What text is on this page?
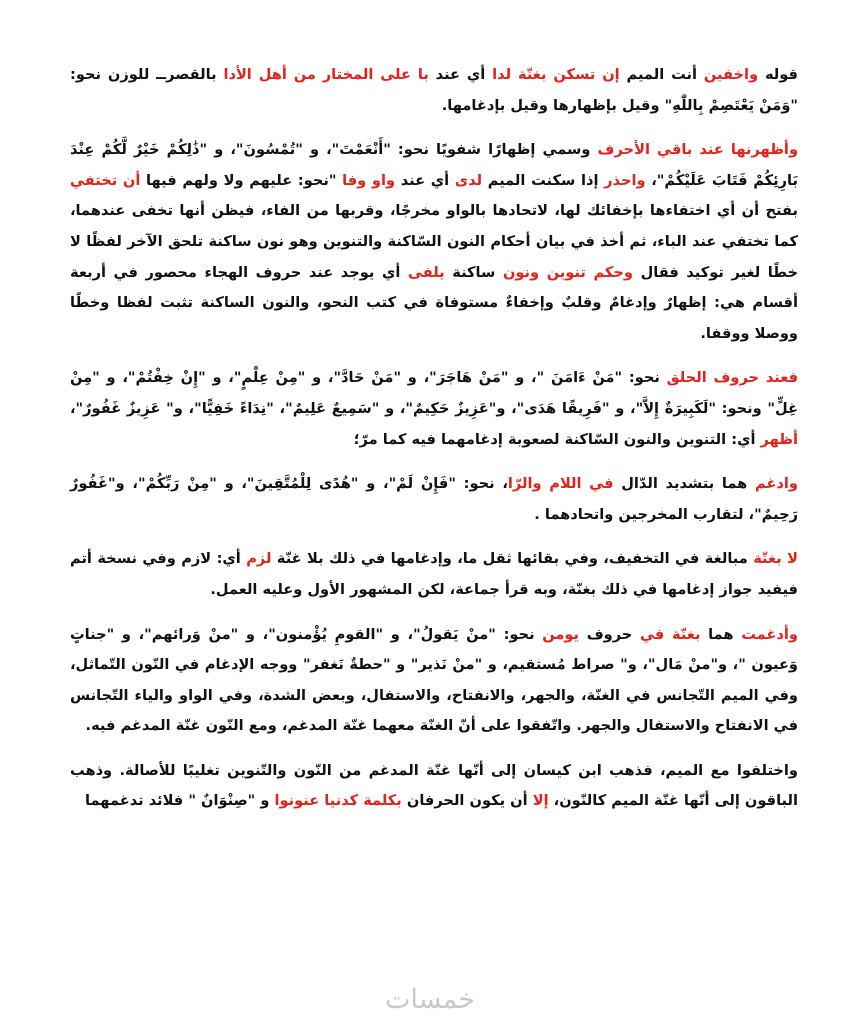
قوله واخفين أنت الميم إن تسكن بغنّة لدا أي عند با على المختار من أهل الأدا بالقصرــ للوزن نحو: "وَمَنْ يَعْتَصِمْ بِاللّٰهِ" وقيل بإظهارها وقيل بإدغامها.

وأظهرنها عند باقي الأحرف وسمي إظهارًا شفويًا نحو: "أَنْعَمْتَ"، و "تُمْسُونَ"، و "ذَٰلِكُمْ خَيْرٌ لَّكُمْ عِنْدَ بَارِئِكُمْ فَتَابَ عَلَيْكُمْ"، واحذر إذا سكنت الميم لدى أي عند واو وفا "نحو: عليهم ولا ولهم فيها أن تختفي بفتح أن أي اختفاءها بإخفائك لها، لاتحادها بالواو مخرجًا، وقربها من الفاء، فيظن أنها تخفى عندهما، كما تختفي عند الباء، ثم أخذ في بيان أحكام النون السّاكنة والتنوين وهو نون ساكنة تلحق الآخر لفظًا لا خطًا لغير توكيد فقال وحكم تنوين ونون ساكنة يلفى أي يوجد عند حروف الهجاء محصور في أربعة أقسام هي: إظهارٌ وإدغامٌ وقلبٌ وإخفاءٌ مستوفاة في كتب النحو، والنون الساكنة تثبت لفظا وخطًا ووصلا ووقفا.

فعند حروف الحلق نحو: "مَنْ ءَامَنَ "، و "مَنْ هَاجَرَ"، و "مَنْ حَادَّ"، و "مِنْ عِلْمٍ"، و "إِنْ خِفْتُمْ"، و "مِنْ غِلٍّ" ونحو: "لَكَبِيرَةٌ إِلاَّ"، و "فَرِيقًا هَدَى"، و"عَزِيزٌ حَكِيمٌ"، و "سَمِيعٌ عَلِيمٌ"، "نِدَاءً خَفِيًّا"، و" عَزِيزٌ غَفُورٌ"، أظهر أي: التنوين والنون السّاكنة لصعوبة إدغامهما فيه كما مرّ؛

وادغم هما بتشديد الدّال في اللام والرّا، نحو: "فَإِنْ لَمْ"، و "هُدًى لِلْمُتَّقِينَ"، و "مِنْ رَبِّكُمْ"، و"غَفُورٌ رَحِيمٌ"، لتقارب المخرجين واتحادهما .

لا بغنّة مبالغة في التخفيف، وفي بقائها ثقل ما، وإدغامها في ذلك بلا غنّة لزم أي: لازم وفي نسخة أتم فيفيد جواز إدغامها في ذلك بغنّة، وبه قرأ جماعة، لكن المشهور الأول وعليه العمل.

وأدغمت هما بغنّة في حروف يومن نحو: "منْ يَقولُ"، و "القومِ يُؤْمنون"، و "منْ وَرائهم"، و "جناتٍ وَعيون "، و"منْ مَال"، و" صراط مُستقيم، و "منْ نَذير" و "حطةٌ نَغفر" ووجه الإدغام في النّون التّماثل، وفي الميم التّجانس في الغنّة، والجهر، والانفتاح، والاستفال، وبعض الشدة، وفي الواو والياء التّجانس في الانفتاح والاستفال والجهر. واتّفقوا على أنّ الغنّة معهما غنّة المدغم، ومع النّون غنّة المدغم فيه.

واختلفوا مع الميم، فذهب ابن كيسان إلى أنّها غنّة المدغم من النّون والتّنوين تغليبًا للأصالة. وذهب الباقون إلى أنّها غنّة الميم كالنّون، إلا أن يكون الحرفان بكلمة كدنيا عنونوا و "صِنْوَانٌ " فلائد تدغمهما

خمسات
